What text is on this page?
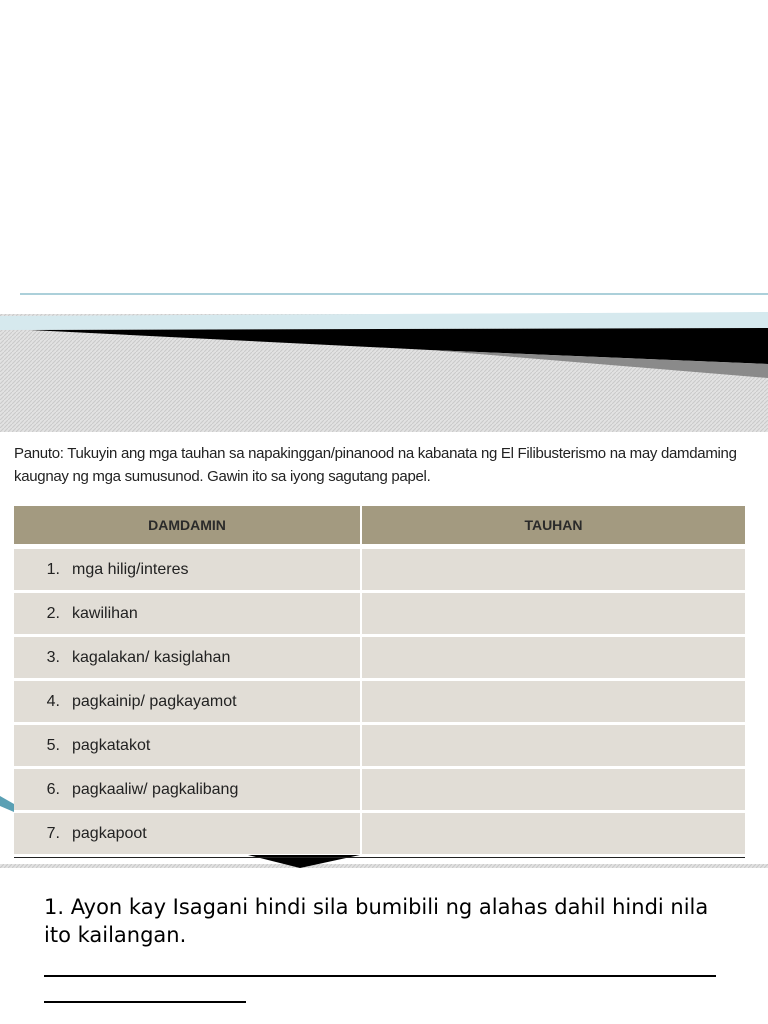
Panuto: Tukuyin ang mga tauhan sa napakinggan/pinanood na kabanata ng El Filibusterismo na may damdaming kaugnay ng mga sumusunod. Gawin ito sa iyong sagutang papel.
DAMDAMIN	TAUHAN
1. mga hilig/interes
2. kawilihan
3. kagalakan/ kasiglahan
4. pagkainip/ pagkayamot
5. pagkatakot
6. pagkaaliw/ pagkalibang
7. pagkapoot
1. Ayon kay Isagani hindi sila bumibili ng alahas dahil hindi nila ito kailangan.
